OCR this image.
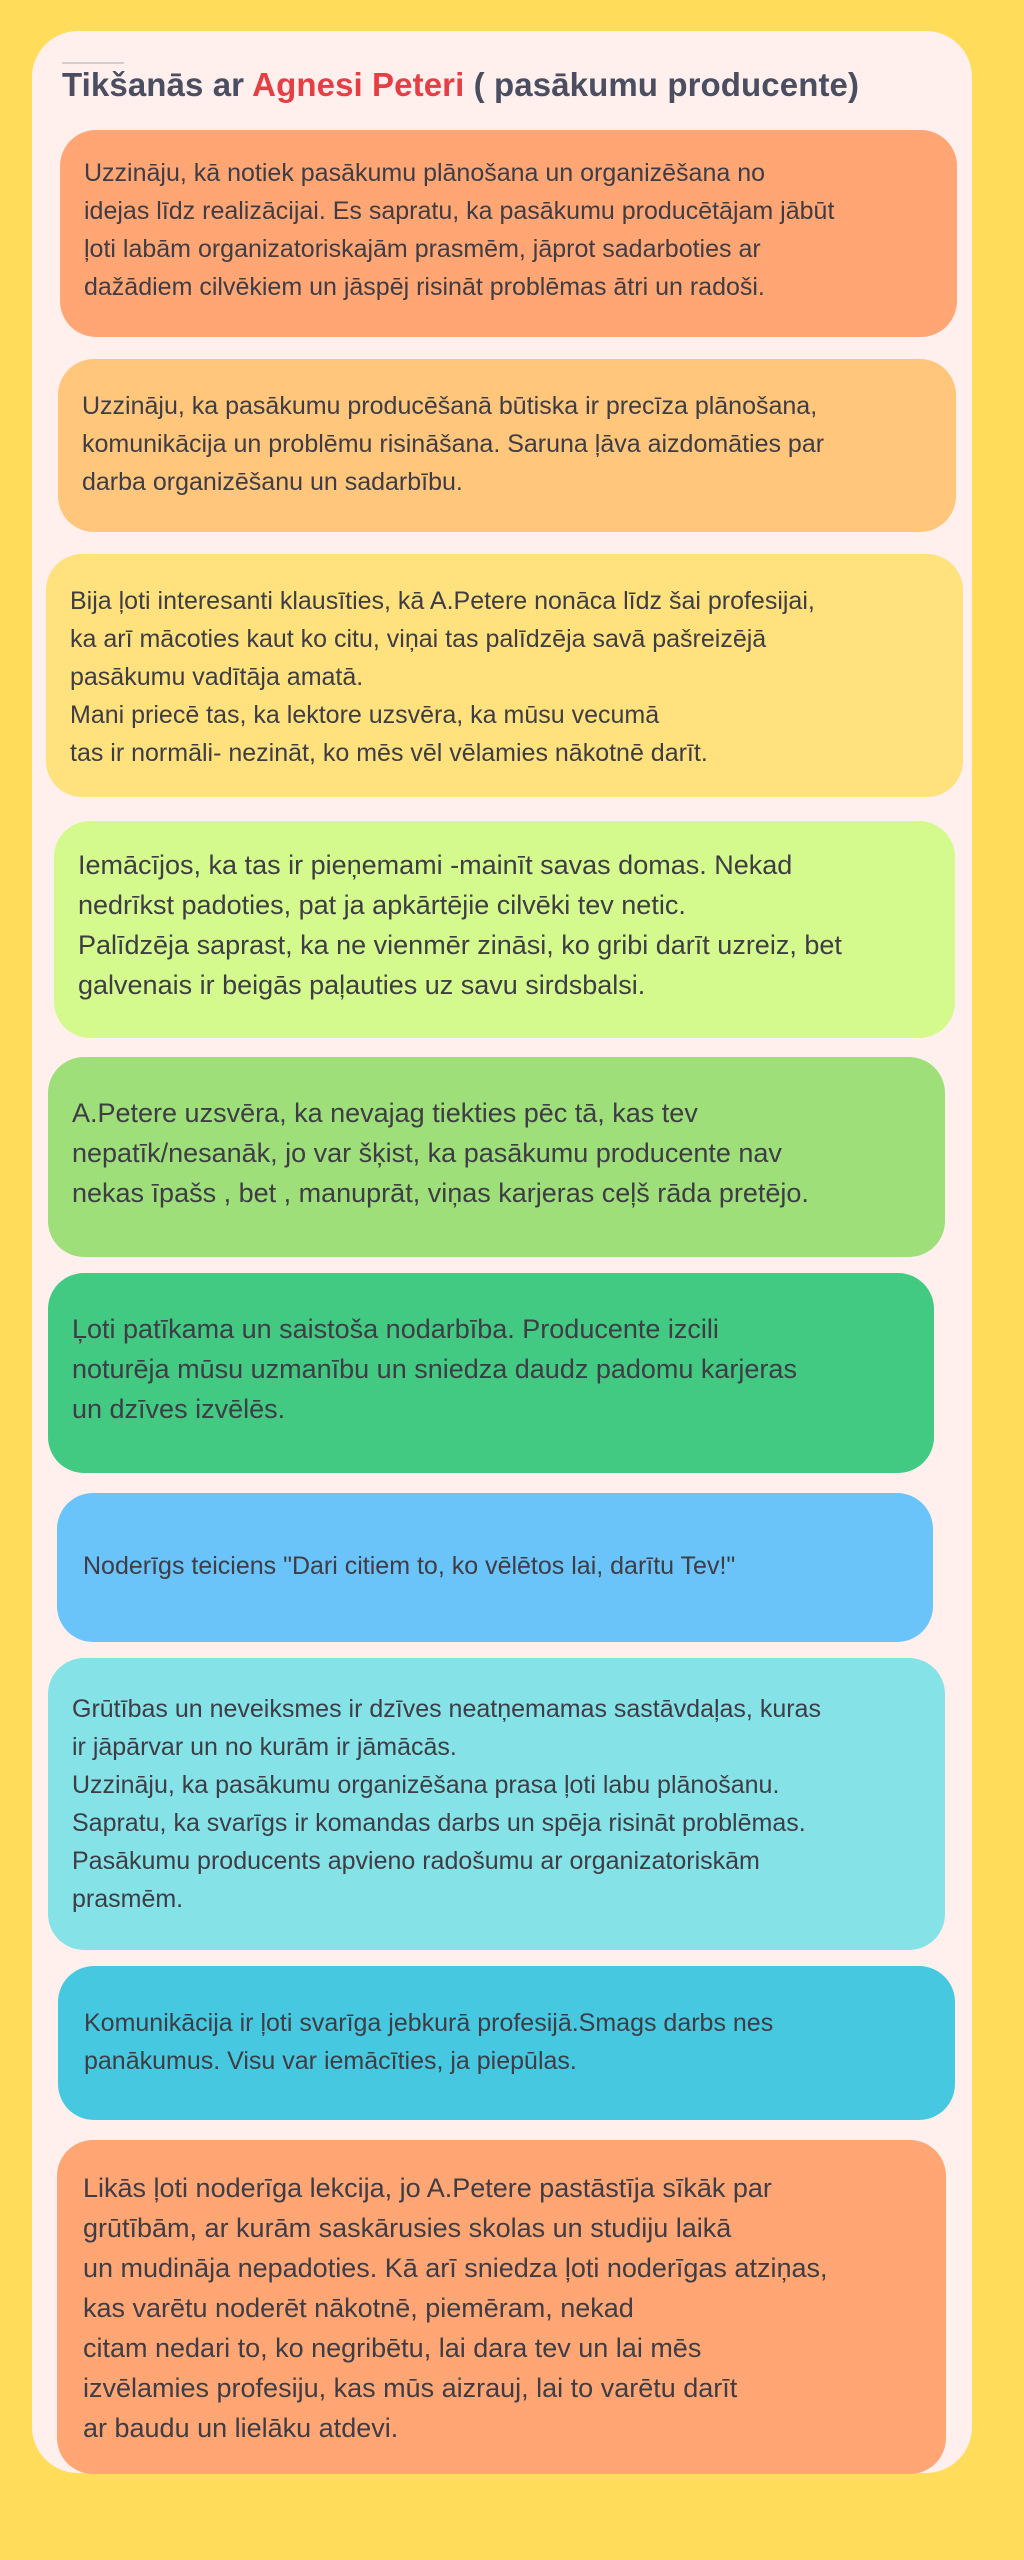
Tikšanās ar Agnesi Peteri ( pasākumu producente)
Uzzināju, kā notiek pasākumu plānošana un organizēšana no
idejas līdz realizācijai. Es sapratu, ka pasākumu producētājam jābūt
ļoti labām organizatoriskajām prasmēm, jāprot sadarboties ar
dažādiem cilvēkiem un jāspēj risināt problēmas ātri un radoši.
Uzzināju, ka pasākumu producēšanā būtiska ir precīza plānošana,
komunikācija un problēmu risināšana. Saruna ļāva aizdomāties par
darba organizēšanu un sadarbību.
Bija ļoti interesanti klausīties, kā A.Petere nonāca līdz šai profesijai,
ka arī mācoties kaut ko citu, viņai tas palīdzēja savā pašreizējā
pasākumu vadītāja amatā.
Mani priecē tas, ka lektore uzsvēra, ka mūsu vecumā
tas ir normāli- nezināt, ko mēs vēl vēlamies nākotnē darīt.
Iemācījos, ka tas ir pieņemami -mainīt savas domas. Nekad
nedrīkst padoties, pat ja apkārtējie cilvēki tev netic.
Palīdzēja saprast, ka ne vienmēr zināsi, ko gribi darīt uzreiz, bet
galvenais ir beigās paļauties uz savu sirdsbalsi.
A.Petere uzsvēra, ka nevajag tiekties pēc tā, kas tev
nepatīk/nesanāk, jo var šķist, ka pasākumu producente nav
nekas īpašs , bet , manuprāt, viņas karjeras ceļš rāda pretējo.
Ļoti patīkama un saistoša nodarbība. Producente izcili
noturēja mūsu uzmanību un sniedza daudz padomu karjeras
un dzīves izvēlēs.
Noderīgs teiciens "Dari citiem to, ko vēlētos lai, darītu Tev!"
Grūtības un neveiksmes ir dzīves neatņemamas sastāvdaļas, kuras
ir jāpārvar un no kurām ir jāmācās.
Uzzināju, ka pasākumu organizēšana prasa ļoti labu plānošanu.
Sapratu, ka svarīgs ir komandas darbs un spēja risināt problēmas.
Pasākumu producents apvieno radošumu ar organizatoriskām
prasmēm.
Komunikācija ir ļoti svarīga jebkurā profesijā.Smags darbs nes
panākumus. Visu var iemācīties, ja piepūlas.
Likās ļoti noderīga lekcija, jo A.Petere pastāstīja sīkāk par
grūtībām, ar kurām saskārusies skolas un studiju laikā
un mudināja nepadoties. Kā arī sniedza ļoti noderīgas atziņas,
kas varētu noderēt nākotnē, piemēram, nekad
citam nedari to, ko negribētu, lai dara tev un lai mēs
izvēlamies profesiju, kas mūs aizrauj, lai to varētu darīt
ar baudu un lielāku atdevi.
